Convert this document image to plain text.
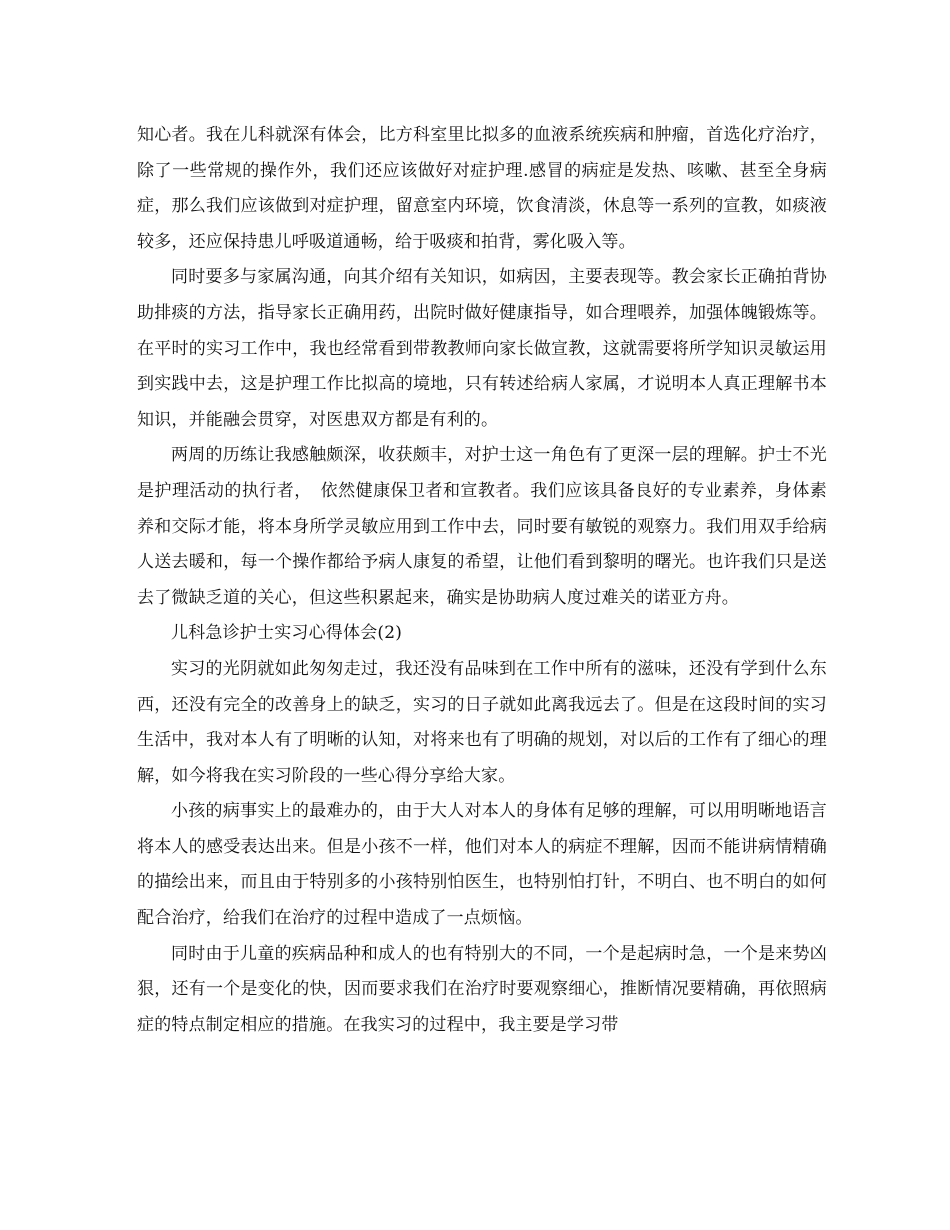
知心者。我在儿科就深有体会，比方科室里比拟多的血液系统疾病和肿瘤，首选化疗治疗，除了一些常规的操作外，我们还应该做好对症护理.感冒的病症是发热、咳嗽、甚至全身病症，那么我们应该做到对症护理，留意室内环境，饮食清淡，休息等一系列的宣教，如痰液较多，还应保持患儿呼吸道通畅，给于吸痰和拍背，雾化吸入等。

同时要多与家属沟通，向其介绍有关知识，如病因，主要表现等。教会家长正确拍背协助排痰的方法，指导家长正确用药，出院时做好健康指导，如合理喂养，加强体魄锻炼等。在平时的实习工作中，我也经常看到带教教师向家长做宣教，这就需要将所学知识灵敏运用到实践中去，这是护理工作比拟高的境地，只有转述给病人家属，才说明本人真正理解书本知识，并能融会贯穿，对医患双方都是有利的。

两周的历练让我感触颇深，收获颇丰，对护士这一角色有了更深一层的理解。护士不光是护理活动的执行者，　依然健康保卫者和宣教者。我们应该具备良好的专业素养，身体素养和交际才能，将本身所学灵敏应用到工作中去，同时要有敏锐的观察力。我们用双手给病人送去暖和，每一个操作都给予病人康复的希望，让他们看到黎明的曙光。也许我们只是送去了微缺乏道的关心，但这些积累起来，确实是协助病人度过难关的诺亚方舟。

儿科急诊护士实习心得体会(2)

实习的光阴就如此匆匆走过，我还没有品味到在工作中所有的滋味，还没有学到什么东西，还没有完全的改善身上的缺乏，实习的日子就如此离我远去了。但是在这段时间的实习生活中，我对本人有了明晰的认知，对将来也有了明确的规划，对以后的工作有了细心的理解，如今将我在实习阶段的一些心得分享给大家。

小孩的病事实上的最难办的，由于大人对本人的身体有足够的理解，可以用明晰地语言将本人的感受表达出来。但是小孩不一样，他们对本人的病症不理解，因而不能讲病情精确的描绘出来，而且由于特别多的小孩特别怕医生，也特别怕打针，不明白、也不明白的如何配合治疗，给我们在治疗的过程中造成了一点烦恼。

同时由于儿童的疾病品种和成人的也有特别大的不同，一个是起病时急，一个是来势凶狠，还有一个是变化的快，因而要求我们在治疗时要观察细心，推断情况要精确，再依照病症的特点制定相应的措施。在我实习的过程中，我主要是学习带
